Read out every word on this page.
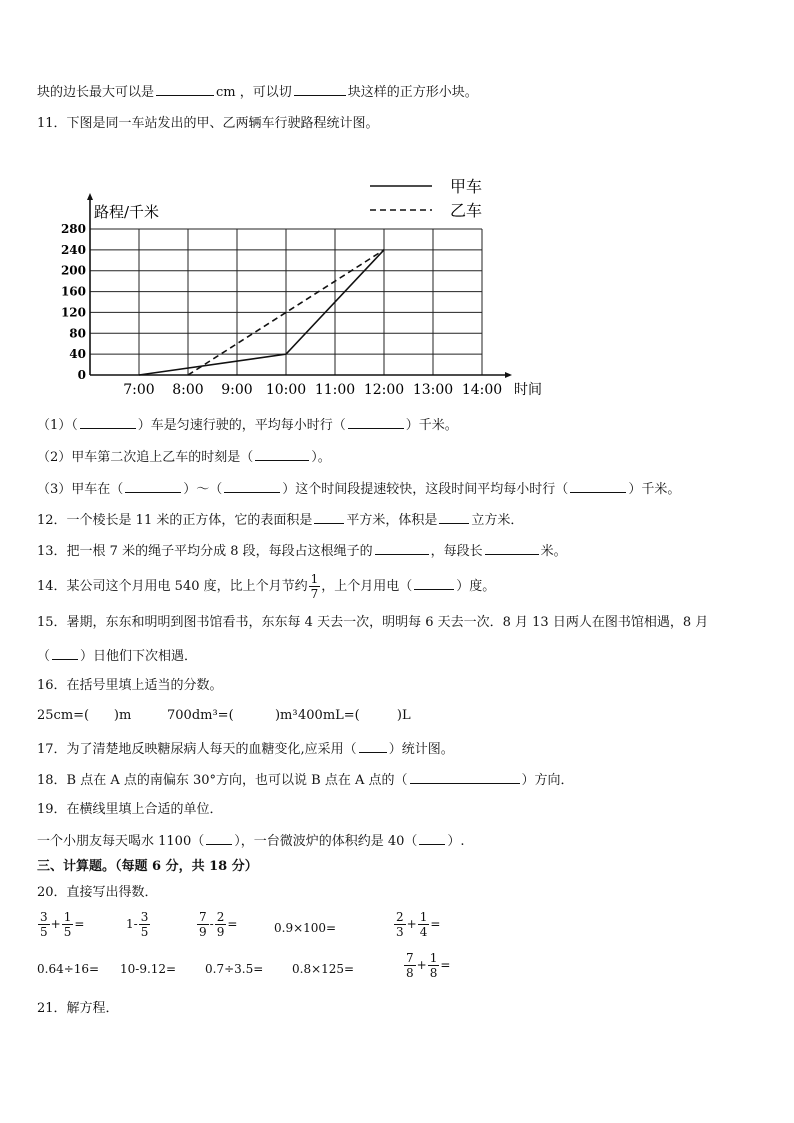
块的边长最大可以是	cm ，可以切	块这样的正方形小块。
11．下图是同一车站发出的甲、乙两辆车行驶路程统计图。
0
40
80
120
160
200
240
280
7:00 8:00 9:00 10:00 11:00 12:00 13:00 14:00 时间
路程/千米
甲车
乙车
（1）（	）车是匀速行驶的，平均每小时行（	）千米。
（2）甲车第二次追上乙车的时刻是（	）。
（3）甲车在（	）～（	）这个时间段提速较快，这段时间平均每小时行（	）千米。
12．一个棱长是 11 米的正方体，它的表面积是	平方米，体积是	立方米．
13．把一根 7 米的绳子平均分成 8 段，每段占这根绳子的	，每段长	米。
14．某公司这个月用电 540 度，比上个月节约 $\frac{1}{7}$ ，上个月用电（	）度。
15．暑期，东东和明明到图书馆看书，东东每 4 天去一次，明明每 6 天去一次．8 月 13 日两人在图书馆相遇，8 月
（ ）日他们下次相遇．
16．在括号里填上适当的分数。
25cm=(      )m	700dm³=(          )m³ 400mL=(         )L
17．为了清楚地反映糖尿病人每天的血糖变化,应采用（ ）统计图。
18．B 点在 A 点的南偏东 30°方向，也可以说 B 点在 A 点的（	）方向．
19．在横线里填上合适的单位．
一个小朋友每天喝水 1100（ ），一台微波炉的体积约是 40（ ）.
三、计算题。（每题 6 分，共 18 分）
20．直接写出得数．
$\frac{3}{5} + \frac{1}{5}$ =	$1- \frac{3}{5}$	$\frac{7}{9} - \frac{2}{9}$ =	0.9×100=	$\frac{2}{3} + \frac{1}{4}$ =
0.64÷16= 10-9.12= 0.7÷3.5= 0.8×125=	$\frac{7}{8} + \frac{1}{8}$ =
21．解方程．
